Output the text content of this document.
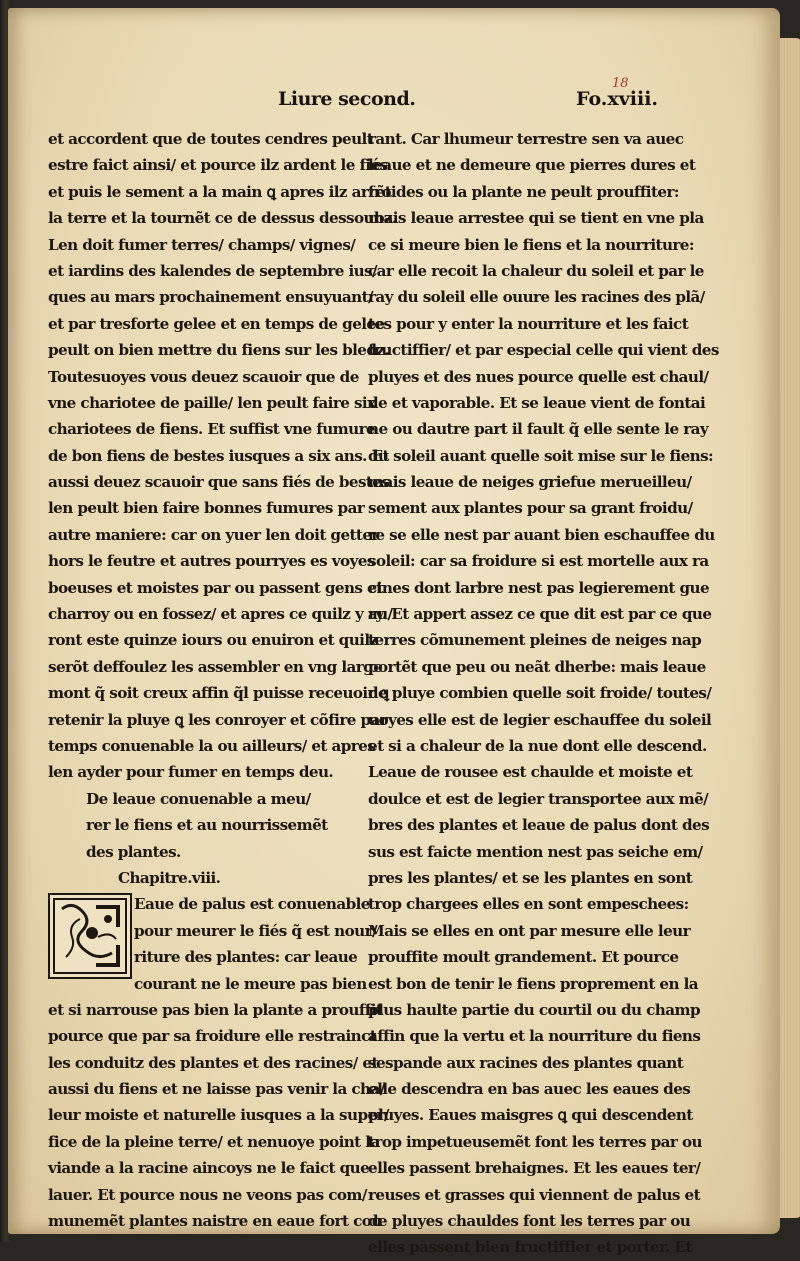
Liure second.	Fo.xviii.
18
et accordent que de toutes cendres peult
estre faict ainsi/ et pource ilz ardent le fiés
et puis le sement a la main ꝗ apres ilz arrẽt
la terre et la tournẽt ce de dessus dessoubz.
Len doit fumer terres/ champs/ vignes/
et iardins des kalendes de septembre ius/
ques au mars prochainement ensuyuant/
et par tresforte gelee et en temps de gelee
peult on bien mettre du fiens sur les bledz.
Toutesuoyes vous deuez scauoir que de
vne chariotee de paille/ len peult faire six
chariotees de fiens. Et suffist vne fumure
de bon fiens de bestes iusques a six ans. Et
aussi deuez scauoir que sans fiés de bestes
len peult bien faire bonnes fumures par
autre maniere: car on yuer len doit getter
hors le feutre et autres pourryes es voyes
boeuses et moistes par ou passent gens et
charroy ou en fossez/ et apres ce quilz y au/
ront este quinze iours ou enuiron et quilz
serõt deffoulez les assembler en vng large
mont q̃ soit creux affin q̃l puisse receuoir ꝗ
retenir la pluye ꝗ les conroyer et cõfire par
temps conuenable la ou ailleurs/ et apres
len ayder pour fumer en temps deu.
De leaue conuenable a meu/
rer le fiens et au nourrissemẽt
des plantes.
Chapitre.viii.
Eaue de palus est conuenable
pour meurer le fiés q̃ est nour/
riture des plantes: car leaue
courant ne le meure pas bien
et si narrouse pas bien la plante a prouffit
pource que par sa froidure elle restrainct
les conduitz des plantes et des racines/ et
aussi du fiens et ne laisse pas venir la cha/
leur moiste et naturelle iusques a la super/
fice de la pleine terre/ et nenuoye point la
viande a la racine aincoys ne le faict que
lauer. Et pource nous ne veons pas com/
munemẽt plantes naistre en eaue fort cou
rant. Car lhumeur terrestre sen va auec
leaue et ne demeure que pierres dures et
froides ou la plante ne peult prouffiter:
mais leaue arrestee qui se tient en vne pla
ce si meure bien le fiens et la nourriture:
car elle recoit la chaleur du soleil et par le
ray du soleil elle ouure les racines des plã/
tes pour y enter la nourriture et les faict
fructiffier/ et par especial celle qui vient des
pluyes et des nues pource quelle est chaul/
de et vaporable. Et se leaue vient de fontai
ne ou dautre part il fault q̃ elle sente le ray
du soleil auant quelle soit mise sur le fiens:
mais leaue de neiges griefue merueilleu/
sement aux plantes pour sa grant froidu/
re se elle nest par auant bien eschauffee du
soleil: car sa froidure si est mortelle aux ra
cines dont larbre nest pas legierement gue
ry. Et appert assez ce que dit est par ce que
terres cõmunement pleines de neiges nap
portẽt que peu ou neãt dherbe: mais leaue
de pluye combien quelle soit froide/ toutes/
uoyes elle est de legier eschauffee du soleil
et si a chaleur de la nue dont elle descend.
Leaue de rousee est chaulde et moiste et
doulce et est de legier transportee aux mẽ/
bres des plantes et leaue de palus dont des
sus est faicte mention nest pas seiche em/
pres les plantes/ et se les plantes en sont
trop chargees elles en sont empeschees:
Mais se elles en ont par mesure elle leur
prouffite moult grandement. Et pource
est bon de tenir le fiens proprement en la
plus haulte partie du courtil ou du champ
affin que la vertu et la nourriture du fiens
sespande aux racines des plantes quant
elle descendra en bas auec les eaues des
pluyes. Eaues maisgres ꝗ qui descendent
trop impetueusemẽt font les terres par ou
elles passent brehaignes. Et les eaues ter/
reuses et grasses qui viennent de palus et
de pluyes chauldes font les terres par ou
elles passent bien fructiffier et porter. Et
